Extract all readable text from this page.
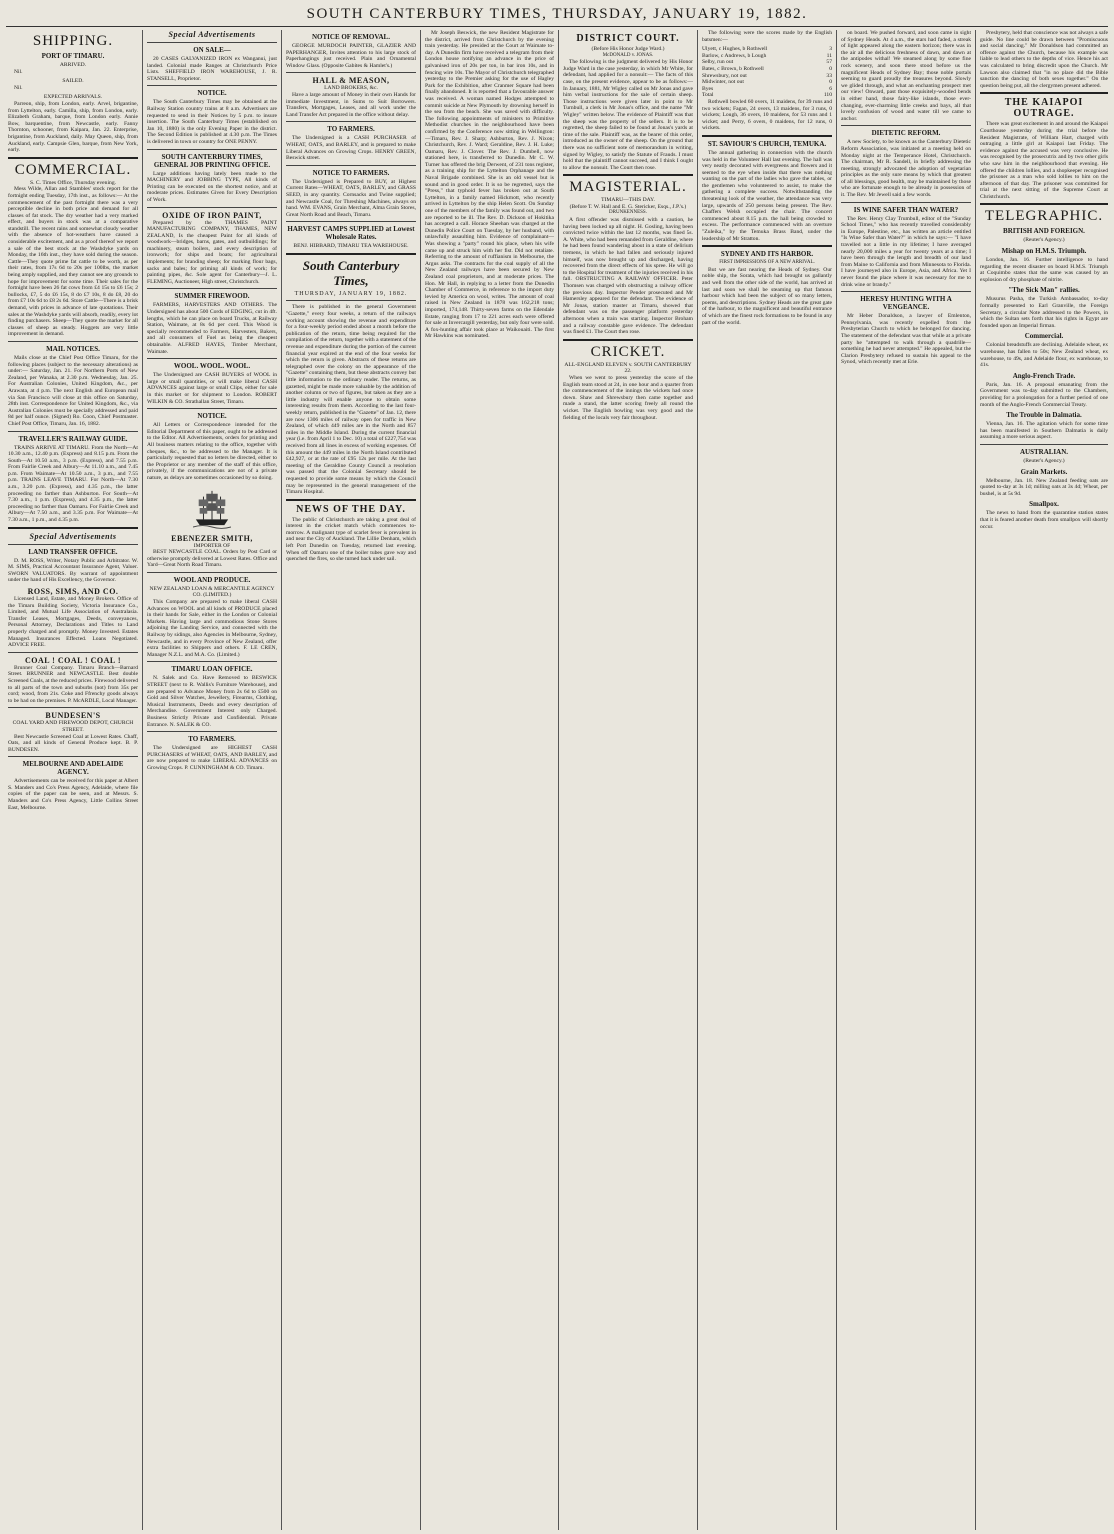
SOUTH CANTERBURY TIMES, THURSDAY, JANUARY 19, 1882.
SHIPPING.
PORT OF TIMARU.
ARRIVED.

Nil.

SAILED.

Nil.

EXPECTED ARRIVALS.

Parreon, ship, from London, early. Arvel, brigantine, from Lyttelton, early. Camilla, ship, from London, early. Elizabeth Graham, barque, from London early. Annie Bow, barquentine, from Newcastle, early. Fanny Thornton, schooner, from Kaipara, Jan. 22. Enterprise, brigantine, from Auckland, daily. May Queen, ship, from Auckland, early. Campsie Glen, barque, from New York, early.

COMMERCIAL.
S. C. Times Office, Thursday evening.

Mess Wilde, Allan and Stambles' stock report for the fortnight ending Tuesday, 17th inst., as follows:— At the commencement of the past fortnight there was a very perceptible decline in both price and demand for all classes of fat stock. The dry weather had a very marked effect, and buyers in stock was at a comparative standstill. The recent rains and somewhat cloudy weather with the absence of hot-weathers have caused a considerable excitement, and as a proof thereof we report a sale of the best stock at the Washdyke yards on Monday, the 16th inst., they have sold during the season. Cattle—They quote prime fat cattle to be worth, as per their rates, from 17s 6d to 20s per 100lbs, the market being amply supplied, and they cannot see any grounds to hope for improvement for some time. Their sales for the fortnight have been 26 fat cows from £4 15s to £6 15s; 2 bullocks, £7, 5 do £6 15s, 8 do £7 10s, 8 do £8, 20 do from £7 10s 6d to £8 2s 6d. Store Cattle—There is a brisk demand, with prices in advance of late quotations. Their sales at the Washdyke yards will absorb, readily, every lot finding purchasers. Sheep—They quote the market for all classes of sheep as steady. Hoggets are very little improvement in demand.

MAIL NOTICES.

Mails close at the Chief Post Office Timaru, for the following places (subject to the necessary alterations) as under:— Saturday, Jan. 21. For Northern Ports of New Zealand, per Wanaka, at 2.30 p.m. Wednesday, Jan. 25. For Australian Colonies, United Kingdom, &c., per Arawata, at 4 p.m. The next English and European mail via San Francisco will close at this office on Saturday, 28th inst. Correspondence for United Kingdom, &c., via Australian Colonies must be specially addressed and paid 8d per half ounce. (Signed) Ro. Coon, Chief Postmaster. Chief Post Office, Timaru, Jan. 16, 1882.

TRAVELLER'S RAILWAY GUIDE.

TRAINS ARRIVE AT TIMARU. From the North—At 10.30 a.m., 12.40 p.m. (Express) and 8.15 p.m. From the South—At 10.50 a.m., 3 p.m. (Express), and 7.55 p.m. From Fairlie Creek and Albury—At 11.10 a.m., and 7.45 p.m. From Waimate—At 10.50 a.m., 3 p.m., and 7.55 p.m. TRAINS LEAVE TIMARU. For North—At 7.30 a.m., 3.20 p.m. (Express), and 4.35 p.m., the latter proceeding no farther than Ashburton. For South—At 7.30 a.m., 1 p.m. (Express), and 4.35 p.m., the latter proceeding no farther than Oamaru. For Fairlie Creek and Albury—At 7.50 a.m., and 3.35 p.m. For Waimate—At 7.30 a.m., 1 p.m., and 4.35 p.m.

Special Advertisements
LAND TRANSFER OFFICE.

D. M. ROSS, Writer, Notary Public and Arbitrator. W. M. SIMS, Practical Accountant Insurance Agent, Valuer. SWORN VALUATORS. By warrant of appointment under the hand of His Excellency, the Governor.

ROSS, SIMS, AND CO.

Licensed Land, Estate, and Money Brokers. Office of the Timaru Building Society, Victoria Insurance Co., Limited, and Mutual Life Association of Australasia. Transfer Leases, Mortgages, Deeds, conveyances, Personal Attorney, Declarations and Titles to Land properly charged and promptly. Money Invested. Estates Managed. Insurances Effected. Loans Negotiated. ADVICE FREE.

COAL ! COAL ! COAL !

Brunner Coal Company. Timaru Branch—Barnard Street. BRUNNER and NEWCASTLE. Best double Screened Coals, at the reduced prices. Firewood delivered to all parts of the town and suburbs (not) from 35s per cord; wood, from 21s. Coke and Ffrenchy goods always to be had on the premises. P. McARDLE, Local Manager.

BUNDESEN'S
COAL YARD AND FIREWOOD DEPOT, CHURCH STREET.

Best Newcastle Screened Coal at Lowest Rates. Chaff, Oats, and all kinds of General Produce kept. B. P. BUNDESEN.

MELBOURNE AND ADELAIDE AGENCY.

Advertisements can be received for this paper at Albert S. Manders and Co's Press Agency, Adelaide, where file copies of the paper can be seen, and at Messrs. S. Manders and Co's Press Agency, Little Collins Street East, Melbourne.

Special Advertisements
ON SALE—

20 CASES GALVANIZED IRON ex Wanganui, just landed. Colonial made Ranges at Christchurch Price Lists. SHEFFIELD IRON WAREHOUSE, J. R. STANSELL, Proprietor.

NOTICE.

The South Canterbury Times may be obtained at the Railway Station country trains at 8 a.m. Advertisers are requested to send in their Notices by 5 p.m. to insure insertion. The South Canterbury Times (established on Jan 10, 1880) is the only Evening Paper in the district. The Second Edition is published at 4.30 p.m. The Times is delivered in town or country for ONE PENNY.

SOUTH CANTERBURY TIMES, GENERAL JOB PRINTING OFFICE.

Large additions having lately been made to the MACHINERY and JOBBING TYPE, All kinds of Printing can be executed on the shortest notice, and at moderate prices. Estimates Given for Every Description of Work.

OXIDE OF IRON PAINT,

Prepared by the THAMES PAINT MANUFACTURING COMPANY, THAMES, NEW ZEALAND, Is the cheapest Paint for all kinds of woodwork—bridges, barns, gates, and outbuildings; for machinery, steam boilers, and every description of ironwork; for ships and boats; for agricultural implements; for branding sheep; for marking flour bags, sacks and bales; for priming all kinds of work; for painting pipes, &c. Sole agent for Canterbury—J. L. FLEMING, Auctioneer, High street, Christchurch.

SUMMER FIREWOOD.

FARMERS, HARVESTERS AND OTHERS. The Undersigned has about 500 Cords of EDGING, cut in 4ft. lengths, which he can place on board Trucks, at Railway Station, Waimate, at 8s 6d per cord. This Wood is specially recommended to Farmers, Harvesters, Bakers, and all consumers of Fuel as being the cheapest obtainable. ALFRED HAYES, Timber Merchant, Waimate.

WOOL. WOOL. WOOL.

The Undersigned are CASH BUYERS of WOOL in large or small quantities, or will make liberal CASH ADVANCES against large or small Clips, either for sale in this market or for shipment to London. ROBERT WILKIN & CO. Strathallan Street, Timaru.

NOTICE.

All Letters or Correspondence intended for the Editorial Department of this paper, ought to be addressed to the Editor. All Advertisements, orders for printing and All business matters relating to the office, together with cheques, &c., to be addressed to the Manager. It is particularly requested that no letters be directed, either to the Proprietor or any member of the staff of this office, privately, if the communications are not of a private nature, as delays are sometimes occasioned by so doing.

EBENEZER SMITH,
IMPORTER OF

BEST NEWCASTLE COAL. Orders by Post Card or otherwise promptly delivered at Lowest Rates. Office and Yard—Great North Road Timaru.

WOOL AND PRODUCE.
NEW ZEALAND LOAN & MERCANTILE AGENCY CO. (LIMITED.)

This Company are prepared to make liberal CASH Advances on WOOL and all kinds of PRODUCE placed in their hands for Sale, either in the London or Colonial Markets. Having large and commodious Stone Stores adjoining the Landing Service, and connected with the Railway by sidings, also Agencies in Melbourne, Sydney, Newcastle, and in every Province of New Zealand, offer extra facilities to Shippers and others. F. LE CREN, Manager N.Z.L. and M.A. Co. (Limited.)

TIMARU LOAN OFFICE.

N. Salek and Co. Have Removed to BESWICK STREET (next to R. Wallis's Furniture Warehouse), and are prepared to Advance Money from 2s 6d to £500 on Gold and Silver Watches, Jewellery, Firearms, Clothing, Musical Instruments, Deeds and every description of Merchandise. Government Interest only Charged. Business Strictly Private and Confidential. Private Entrance. N. SALEK & CO.

TO FARMERS.

The Undersigned are HIGHEST CASH PURCHASERS of WHEAT, OATS, AND BARLEY, and are now prepared to make LIBERAL ADVANCES on Growing Crops. P. CUNNINGHAM & CO. Timaru.

NOTICE OF REMOVAL.

GEORGE MURDOCH PAINTER, GLAZIER AND PAPERHANGER, Invites attention to his large stock of Paperhangings just received. Plain and Ornamental Window Glass. (Opposite Gabites & Hamlet's.)

HALL & MEASON,
LAND BROKERS, &c.

Have a large amount of Money in their own Hands for immediate Investment, in Sums to Suit Borrowers. Transfers, Mortgages, Leases, and all work under the Land Transfer Act prepared in the office without delay.

TO FARMERS.

The Undersigned is a CASH PURCHASER of WHEAT, OATS, and BARLEY, and is prepared to make Liberal Advances on Growing Crops. HENRY GREEN, Beswick street.

NOTICE TO FARMERS.

The Undersigned is Prepared to BUY, at Highest Current Rates—WHEAT, OATS, BARLEY, and GRASS SEED, in any quantity. Cornsacks and Twine supplied; and Newcastle Coal, for Threshing Machines, always on hand. WM. EVANS, Grain Merchant, Alma Grain Stores, Great North Road and Beach, Timaru.

HARVEST CAMPS SUPPLIED at Lowest Wholesale Rates.

BENJ. HIBBARD, TIMARU TEA WAREHOUSE.

South Canterbury Times,
THURSDAY, JANUARY 19, 1882.

There is published in the general Government "Gazette," every four weeks, a return of the railways working account showing the revenue and expenditure for a four-weekly period ended about a month before the publication of the return, time being required for the compilation of the return, together with a statement of the revenue and expenditure during the portion of the current financial year expired at the end of the four weeks for which the return is given. Abstracts of these returns are telegraphed over the colony on the appearance of the "Gazette" containing them, but these abstracts convey but little information to the ordinary reader. The returns, as gazetted, might be made more valuable by the addition of another column or two of figures, but taken as they are a little industry will enable anyone to obtain some interesting results from them. According to the last four-weekly return, published in the "Gazette" of Jan. 12, there are now 1306 miles of railway open for traffic in New Zealand, of which 449 miles are in the North and 857 miles in the Middle Island. During the current financial year (i.e. from April 1 to Dec. 10) a total of £227,754 was received from all lines in excess of working expenses. Of this amount the 449 miles in the North Island contributed £42,927, or at the rate of £95 12s per mile. At the last meeting of the Geraldine County Council a resolution was passed that the Colonial Secretary should be requested to provide some means by which the Council may be represented in the general management of the Timaru Hospital.

NEWS OF THE DAY.

The public of Christchurch are taking a great deal of interest in the cricket match which commences to-morrow. A malignant type of scarlet fever is prevalent in and near the City of Auckland. The Lillie Denham, which left Port Dunedin on Tuesday, returned last evening. When off Oamaru one of the boiler tubes gave way and quenched the fires, so she turned back under sail.

Mr Joseph Beswick, the new Resident Magistrate for the district, arrived from Christchurch by the evening train yesterday. He presided at the Court at Waimate to-day. A Dunedin firm have received a telegram from their London house notifying an advance in the price of galvanised iron of 20s per ton, in bar iron 10s, and in fencing wire 10s. The Mayor of Christchurch telegraphed yesterday to the Premier asking for the use of Hagley Park for the Exhibition, after Cranmer Square had been finally abandoned. It is reported that a favourable answer was received. A woman named Hodges attempted to commit suicide at New Plymouth by drowning herself in the sea from the beach. She was saved with difficulty. The following appointments of ministers to Primitive Methodist churches in the neighbourhood have been confirmed by the Conference now sitting in Wellington:—Timaru, Rev. J. Sharp; Ashburton, Rev. J. Nixon; Christchurch, Rev. J. Ward; Geraldine, Rev. J. H. Luke; Oamaru, Rev. J. Clover. The Rev. J. Dumbell, now stationed here, is transferred to Dunedin. Mr C. W. Turner has offered the brig Derwent, of 231 tons register, as a training ship for the Lyttelton Orphanage and the Naval Brigade combined. She is an old vessel but is sound and in good order. It is so be regretted, says the "Press," that typhoid fever has broken out at South Lyttelton, in a family named Hickmott, who recently arrived in Lyttelton by the ship Helen Scott. On Sunday one of the members of the family was found out, and two are reported to be ill. The Rev. D. Dickson of Hokitika has accepted a call. Horace Sheehan was charged at the Dunedin Police Court on Tuesday, by her husband, with unlawfully assaulting him. Evidence of complainant—Was showing a "party" round his place, when his wife came up and struck him with her fist. Did not retaliate. Referring to the amount of ruffianism in Melbourne, the Argus asks. The contracts for the coal supply of all the New Zealand railways have been secured by New Zealand coal proprietors, and at moderate prices. The Hon. Mr Hall, in replying to a letter from the Dunedin Chamber of Commerce, in reference to the import duty levied by America on wool, writes. The amount of coal raised in New Zealand in 1878 was 162,218 tons; imported, 174,148. Thirty-seven farms on the Edendale Estate, ranging from 17 to 221 acres each were offered for sale at Invercargill yesterday, but only four were sold. A fox-hunting affair took place at Waikouaiti. The first Mr Hawkins was nominated.

DISTRICT COURT.
(Before His Honor Judge Ward.)
McDONALD v. JONAS.

The following is the judgment delivered by His Honor Judge Ward in the case yesterday, in which Mr White, for defendant, had applied for a nonsuit:— The facts of this case, on the present evidence, appear to be as follows:—In January, 1881, Mr Wigley called on Mr Jonas and gave him verbal instructions for the sale of certain sheep. Those instructions were given later in point to Mr Turnbull, a clerk in Mr Jonas's office, and the name "Mr Wigley" written below. The evidence of Plaintiff was that the sheep was the property of the sellers. It is to be regretted, the sheep failed to be found at Jonas's yards at time of the sale. Plaintiff was, as the bearer of this order, introduced as the owner of the sheep. On the ground that there was no sufficient note of memorandum in writing, signed by Wigley, to satisfy the Statute of Frauds. I must hold that the plaintiff cannot succeed, and I think I ought to allow the nonsuit. The Court then rose.

MAGISTERIAL.
TIMARU—THIS DAY.
(Before T. W. Hall and E. G. Stericker, Esqs., J.P.'s.)
DRUNKENNESS.

A first offender was dismissed with a caution, he having been locked up all night. H. Gosling, having been convicted twice within the last 12 months, was fined 5s. A. White, who had been remanded from Geraldine, where he had been found wandering about in a state of delirium tremens, in which he had fallen and seriously injured himself, was now brought up and discharged, having recovered from the direct effects of his spree. He will go to the Hospital for treatment of the injuries received in his fall. OBSTRUCTING A RAILWAY OFFICER. Peter Thomsen was charged with obstructing a railway officer the previous day. Inspector Pender prosecuted and Mr Hamersley appeared for the defendant. The evidence of Mr Jonas, station master at Timaru, showed that defendant was on the passenger platform yesterday afternoon when a train was starting. Inspector Broham and a railway constable gave evidence. The defendant was fined £1. The Court then rose.

CRICKET.
ALL-ENGLAND ELEVEN v. SOUTH CANTERBURY 22.

When we went to press yesterday the score of the English team stood at 24, in one hour and a quarter from the commencement of the innings the wickets had once down. Shaw and Shrewsbury then came together and made a stand, the latter scoring freely all round the wicket. The English bowling was very good and the fielding of the locals very fair throughout.

The following were the scores made by the English batsmen:—

Ulyett, c Hughes, b Rothwell	3
Barlow, c Andrews, b Lough	11
Selby, run out	57
Bates, c Brown, b Rothwell	0
Shrewsbury, not out	33
Midwinter, not out	0
Byes	6
Total	110

Rothwell bowled 60 overs, 11 maidens, for 39 runs and two wickets; Fagan, 24 overs, 13 maidens, for 3 runs, 0 wickets; Lough, 36 overs, 10 maidens, for 53 runs and 1 wicket; and Perry, 6 overs, 0 maidens, for 12 runs, 0 wickets.

ST. SAVIOUR'S CHURCH, TEMUKA.

The annual gathering in connection with the church was held in the Volunteer Hall last evening. The hall was very neatly decorated with evergreens and flowers and it seemed to the eye when inside that there was nothing wanting on the part of the ladies who gave the tables, or the gentlemen who volunteered to assist, to make the gathering a complete success. Notwithstanding the threatening look of the weather, the attendance was very large, upwards of 250 persons being present. The Rev. Chaffers Welsh occupied the chair. The concert commenced about 8.15 p.m. the hall being crowded to excess. The performance commenced with an overture "Zuleika," by the Temuka Brass Band, under the leadership of Mr Stratton.

SYDNEY AND ITS HARBOR.
FIRST IMPRESSIONS OF A NEW ARRIVAL.

But we are fast nearing the Heads of Sydney. Our noble ship, the Sorata, which had brought us gallantly and well from the other side of the world, has arrived at last and soon we shall be steaming up that famous harbour which had been the subject of so many letters, poems, and descriptions. Sydney Heads are the great gate of the harbour, to the magnificent and beautiful entrance of which are the finest rock formations to be found in any part of the world.

on board. We pushed forward, and soon came in sight of Sydney Heads. At 4 a.m., the stars had faded, a streak of light appeared along the eastern horizon; there was in the air all the delicious freshness of dawn, and dawn at the antipodes withal! We steamed along by some fine rock scenery, and soon there stood before us the magnificent Heads of Sydney Bay; those noble portals seeming to guard proudly the treasures beyond. Slowly we glided through, and what an enchanting prospect met our view! Onward, past those exquisitely-wooded bends in either hand, those fairy-like islands, those ever-changing, ever-charming little creeks and bays, all that lovely confusion of wood and water till we came to anchor.

DIETETIC REFORM.

A new Society, to be known as the Canterbury Dietetic Reform Association, was initiated at a meeting held on Monday night at the Temperance Hotel, Christchurch. The chairman, Mr R. Sandell, in briefly addressing the meeting, strongly advocated the adoption of vegetarian principles as the only sure means by which that greatest of all blessings, good health, may be maintained by those who are fortunate enough to be already in possession of it. The Rev. Mr Jewell said a few words.

IS WINE SAFER THAN WATER?

The Rev. Henry Clay Trumbull, editor of the "Sunday School Times," who has recently travelled considerably in Europe, Palestine, etc., has written an article entitled "Is Wine Safer than Water?" in which he says:— "I have travelled not a little in my lifetime; I have averaged nearly 20,000 miles a year for twenty years at a time; I have been through the length and breadth of our land from Maine to California and from Minnesota to Florida. I have journeyed also in Europe, Asia, and Africa. Yet I never found the place where it was necessary for me to drink wine or brandy."

HERESY HUNTING WITH A VENGEANCE.

Mr Heber Donaldson, a lawyer of Emlenton, Pennsylvania, was recently expelled from the Presbyterian Church to which he belonged for dancing. The statement of the defendant was that while at a private party he "attempted to walk through a quadrille—something he had never attempted." He appealed, but the Clarion Presbytery refused to sustain his appeal to the Synod, which recently met at Erie.

Presbytery, held that conscience was not always a safe guide. No line could be drawn between "Promiscuous and social dancing." Mr Donaldson had committed an offence against the Church, because his example was liable to lead others to the depths of vice. Hence his act was calculated to bring discredit upon the Church. Mr Lawson also claimed that "in no place did the Bible sanction the dancing of both sexes together." On the question being put, all the clergymen present adhered.

THE KAIAPOI OUTRAGE.

There was great excitement in and around the Kaiapoi Courthouse yesterday during the trial before the Resident Magistrate, of William Hart, charged with outraging a little girl at Kaiapoi last Friday. The evidence against the accused was very conclusive. He was recognised by the prosecutrix and by two other girls who saw him in the neighbourhood that evening. He offered the children lollies, and a shopkeeper recognised the prisoner as a man who sold lollies to him on the afternoon of that day. The prisoner was committed for trial at the next sitting of the Supreme Court at Christchurch.

TELEGRAPHIC.
BRITISH AND FOREIGN.
(Reuter's Agency.)
Mishap on H.M.S. Triumph.

London, Jan. 16. Further intelligence to hand regarding the recent disaster on board H.M.S. Triumph at Coquimbo states that the same was caused by an explosion of dry phosphate of nitrite.

"The Sick Man" rallies.

Musurus Pasha, the Turkish Ambassador, to-day formally presented to Earl Granville, the Foreign Secretary, a circular Note addressed to the Powers, in which the Sultan sets forth that his rights in Egypt are founded upon an Imperial firman.

Commercial.

Colonial breadstuffs are declining. Adelaide wheat, ex warehouse, has fallen to 50s; New Zealand wheat, ex warehouse, to 49s, and Adelaide flour, ex warehouse, to 41s.

Anglo-French Trade.

Paris, Jan. 16. A proposal emanating from the Government was to-day submitted to the Chambers, providing for a prolongation for a further period of one month of the Anglo-French Commercial Treaty.

The Trouble in Dalmatia.

Vienna, Jan. 16. The agitation which for some time has been manifested in Southern Dalmatia is daily assuming a more serious aspect.

AUSTRALIAN.
(Reuter's Agency.)
Grain Markets.

Melbourne, Jan. 18. New Zealand feeding oats are quoted to-day at 3s 1d; milling oats at 3s 4d; Wheat, per bushel, is at 5s 9d.

Smallpox.

The news to hand from the quarantine station states that it is feared another death from smallpox will shortly occur.
